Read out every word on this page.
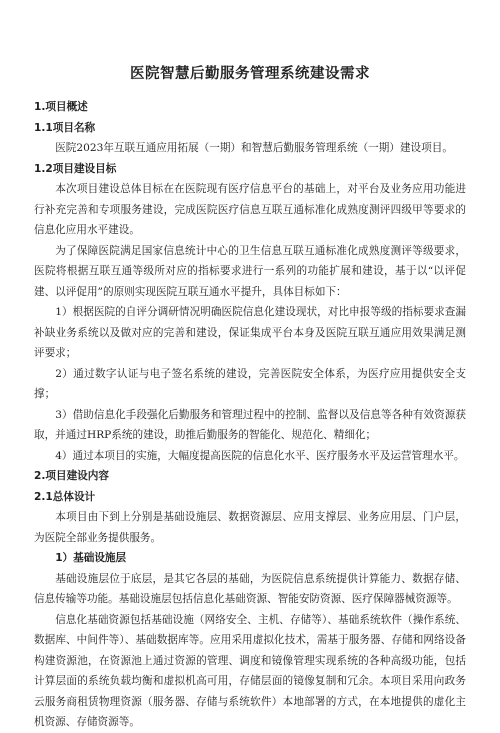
医院智慧后勤服务管理系统建设需求
1.项目概述
1.1项目名称
医院2023年互联互通应用拓展（一期）和智慧后勤服务管理系统（一期）建设项目。
1.2项目建设目标
本次项目建设总体目标在在医院现有医疗信息平台的基础上，对平台及业务应用功能进行补充完善和专项服务建设，完成医院医疗信息互联互通标准化成熟度测评四级甲等要求的信息化应用水平建设。
为了保障医院满足国家信息统计中心的卫生信息互联互通标准化成熟度测评等级要求，医院将根据互联互通等级所对应的指标要求进行一系列的功能扩展和建设，基于以“以评促建、以评促用”的原则实现医院互联互通水平提升，具体目标如下：
1）根据医院的自评分调研情况明确医院信息化建设现状，对比申报等级的指标要求查漏补缺业务系统以及做对应的完善和建设，保证集成平台本身及医院互联互通应用效果满足测评要求；
2）通过数字认证与电子签名系统的建设，完善医院安全体系，为医疗应用提供安全支撑；
3）借助信息化手段强化后勤服务和管理过程中的控制、监督以及信息等各种有效资源获取，并通过HRP系统的建设，助推后勤服务的智能化、规范化、精细化；
4）通过本项目的实施，大幅度提高医院的信息化水平、医疗服务水平及运营管理水平。
2.项目建设内容
2.1总体设计
本项目由下到上分别是基础设施层、数据资源层、应用支撑层、业务应用层、门户层，为医院全部业务提供服务。
1）基础设施层
基础设施层位于底层，是其它各层的基础，为医院信息系统提供计算能力、数据存储、信息传输等功能。基础设施层包括信息化基础资源、智能安防资源、医疗保障器械资源等。
信息化基础资源包括基础设施（网络安全、主机、存储等）、基础系统软件（操作系统、数据库、中间件等）、基础数据库等。应用采用虚拟化技术，需基于服务器、存储和网络设备构建资源池，在资源池上通过资源的管理、调度和镜像管理实现系统的各种高级功能，包括计算层面的系统负载均衡和虚拟机高可用，存储层面的镜像复制和冗余。本项目采用向政务云服务商租赁物理资源（服务器、存储与系统软件）本地部署的方式，在本地提供的虚化主机资源、存储资源等。
